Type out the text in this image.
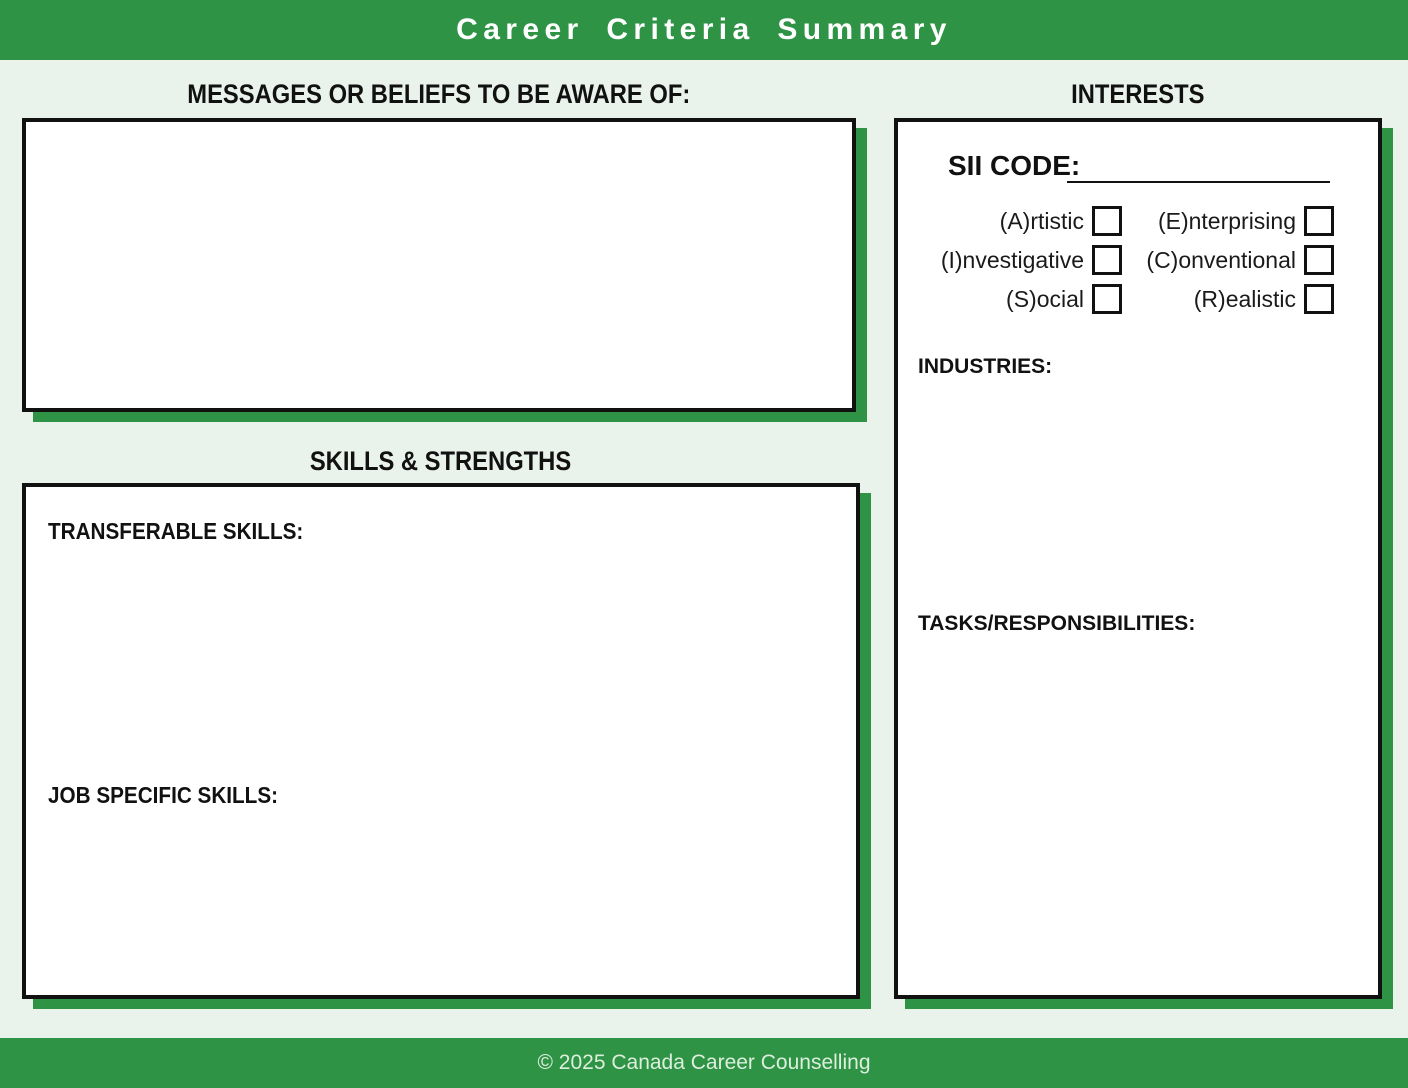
Career Criteria Summary
MESSAGES OR BELIEFS TO BE AWARE OF:
SKILLS & STRENGTHS
TRANSFERABLE SKILLS:
JOB SPECIFIC SKILLS:
INTERESTS
SII CODE:
(A)rtistic	(E)nterprising
(I)nvestigative	(C)onventional
(S)ocial	(R)ealistic
INDUSTRIES:
TASKS/RESPONSIBILITIES:
© 2025 Canada Career Counselling
